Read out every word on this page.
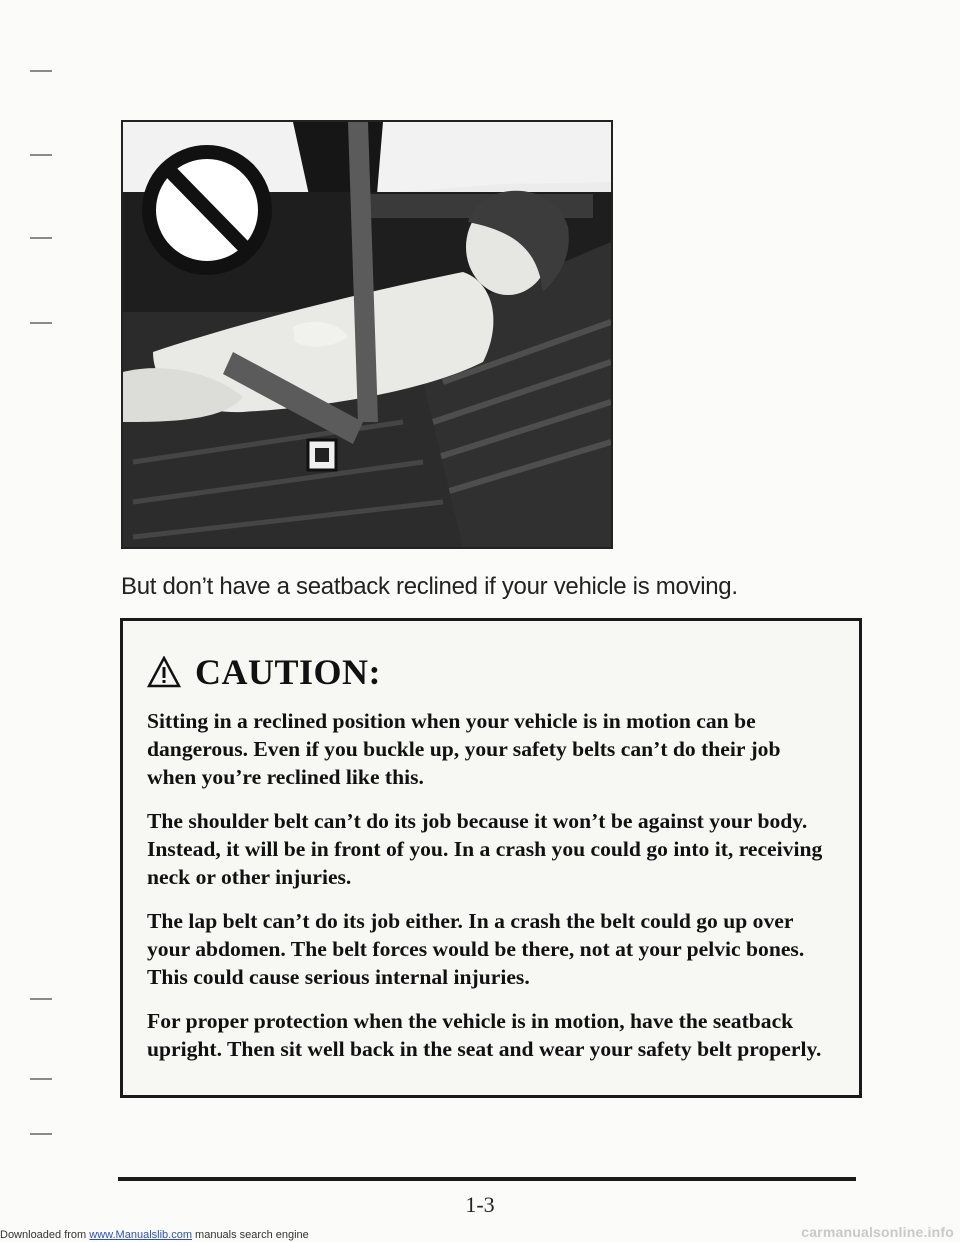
But don’t have a seatback reclined if your vehicle is moving.

CAUTION:

Sitting in a reclined position when your vehicle is in motion can be dangerous. Even if you buckle up, your safety belts can’t do their job when you’re reclined like this.

The shoulder belt can’t do its job because it won’t be against your body. Instead, it will be in front of you. In a crash you could go into it, receiving neck or other injuries.

The lap belt can’t do its job either. In a crash the belt could go up over your abdomen. The belt forces would be there, not at your pelvic bones. This could cause serious internal injuries.

For proper protection when the vehicle is in motion, have the seatback upright. Then sit well back in the seat and wear your safety belt properly.

1-3
Downloaded from www.Manualslib.com manuals search engine	carmanualsonline.info
